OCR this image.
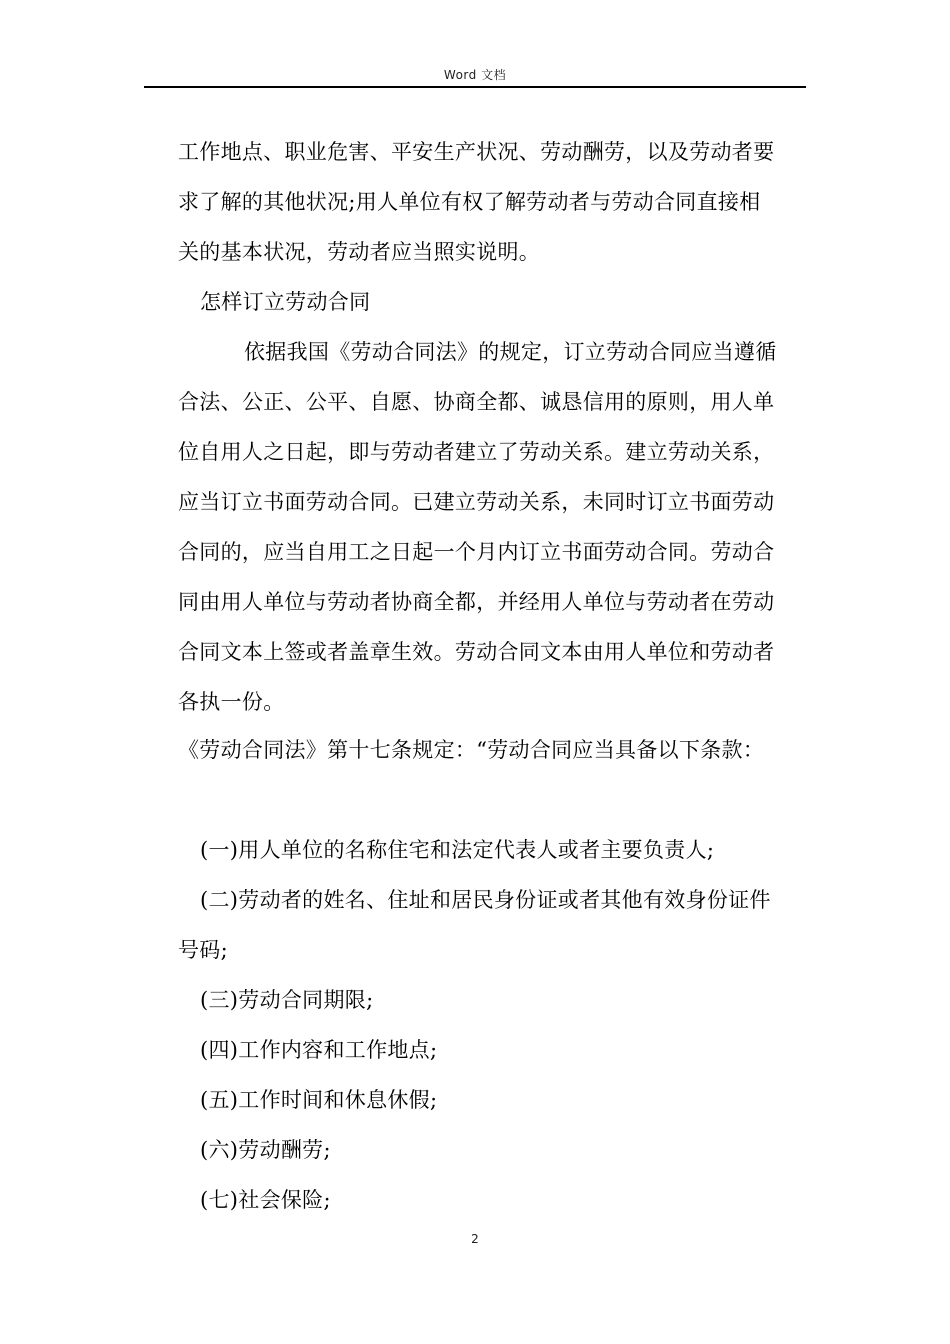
Word 文档
工作地点、职业危害、平安生产状况、劳动酬劳，以及劳动者要
求了解的其他状况;用人单位有权了解劳动者与劳动合同直接相
关的基本状况，劳动者应当照实说明。
怎样订立劳动合同
依据我国《劳动合同法》的规定，订立劳动合同应当遵循
合法、公正、公平、自愿、协商全都、诚恳信用的原则，用人单
位自用人之日起，即与劳动者建立了劳动关系。建立劳动关系，
应当订立书面劳动合同。已建立劳动关系，未同时订立书面劳动
合同的，应当自用工之日起一个月内订立书面劳动合同。劳动合
同由用人单位与劳动者协商全都，并经用人单位与劳动者在劳动
合同文本上签或者盖章生效。劳动合同文本由用人单位和劳动者
各执一份。
《劳动合同法》第十七条规定：“劳动合同应当具备以下条款：
(一)用人单位的名称住宅和法定代表人或者主要负责人;
(二)劳动者的姓名、住址和居民身份证或者其他有效身份证件
号码;
(三)劳动合同期限;
(四)工作内容和工作地点;
(五)工作时间和休息休假;
(六)劳动酬劳;
(七)社会保险;
2
